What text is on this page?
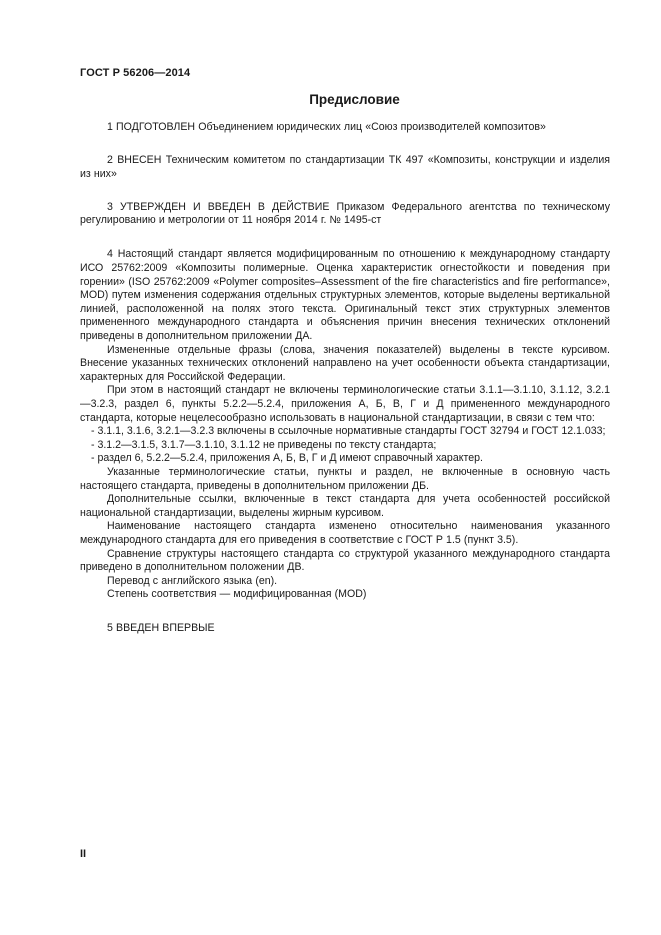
ГОСТ Р 56206—2014
Предисловие

1 ПОДГОТОВЛЕН Объединением юридических лиц «Союз производителей композитов»

2 ВНЕСЕН Техническим комитетом по стандартизации ТК 497 «Композиты, конструкции и изделия из них»

3 УТВЕРЖДЕН И ВВЕДЕН В ДЕЙСТВИЕ Приказом Федерального агентства по техническому регулированию и метрологии от 11 ноября 2014 г. № 1495-ст

4 Настоящий стандарт является модифицированным по отношению к международному стандарту ИСО 25762:2009 «Композиты полимерные. Оценка характеристик огнестойкости и поведения при горении» (ISO 25762:2009 «Polymer composites–Assessment of the fire characteristics and fire performance», MOD) путем изменения содержания отдельных структурных элементов, которые выделены вертикальной линией, расположенной на полях этого текста. Оригинальный текст этих структурных элементов примененного международного стандарта и объяснения причин внесения технических отклонений приведены в дополнительном приложении ДА.

Измененные отдельные фразы (слова, значения показателей) выделены в тексте курсивом. Внесение указанных технических отклонений направлено на учет особенности объекта стандартизации, характерных для Российской Федерации.

При этом в настоящий стандарт не включены терминологические статьи 3.1.1—3.1.10, 3.1.12, 3.2.1—3.2.3, раздел 6, пункты 5.2.2—5.2.4, приложения А, Б, В, Г и Д примененного международного стандарта, которые нецелесообразно использовать в национальной стандартизации, в связи с тем что:

- 3.1.1, 3.1.6, 3.2.1—3.2.3 включены в ссылочные нормативные стандарты ГОСТ 32794 и ГОСТ 12.1.033;

- 3.1.2—3.1.5, 3.1.7—3.1.10, 3.1.12 не приведены по тексту стандарта;

- раздел 6, 5.2.2—5.2.4, приложения А, Б, В, Г и Д имеют справочный характер.

Указанные терминологические статьи, пункты и раздел, не включенные в основную часть настоящего стандарта, приведены в дополнительном приложении ДБ.

Дополнительные ссылки, включенные в текст стандарта для учета особенностей российской национальной стандартизации, выделены жирным курсивом.

Наименование настоящего стандарта изменено относительно наименования указанного международного стандарта для его приведения в соответствие с ГОСТ Р 1.5 (пункт 3.5).

Сравнение структуры настоящего стандарта со структурой указанного международного стандарта приведено в дополнительном положении ДВ.

Перевод с английского языка (en).

Степень соответствия — модифицированная (MOD)

5 ВВЕДЕН ВПЕРВЫЕ

II
